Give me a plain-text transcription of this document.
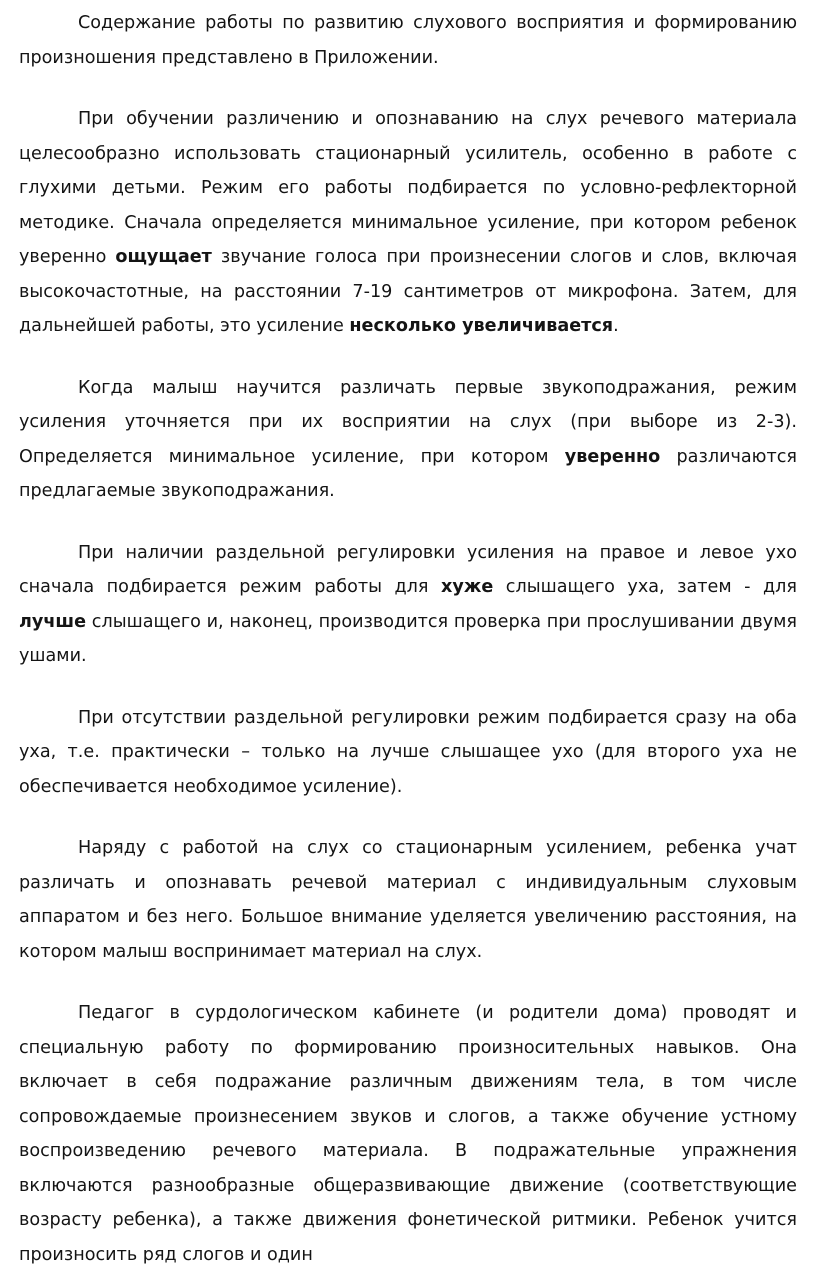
Содержание работы по развитию слухового восприятия и формированию произношения представлено в Приложении.

При обучении различению и опознаванию на слух речевого материала целесообразно использовать стационарный усилитель, особенно в работе с глухими детьми. Режим его работы подбирается по условно-рефлекторной методике. Сначала определяется минимальное усиление, при котором ребенок уверенно ощущает звучание голоса при произнесении слогов и слов, включая высокочастотные, на расстоянии 7-19 сантиметров от микрофона. Затем, для дальнейшей работы, это усиление несколько увеличивается.

Когда малыш научится различать первые звукоподражания, режим усиления уточняется при их восприятии на слух (при выборе из 2-3). Определяется минимальное усиление, при котором уверенно различаются предлагаемые звукоподражания.

При наличии раздельной регулировки усиления на правое и левое ухо сначала подбирается режим работы для хуже слышащего уха, затем - для лучше слышащего и, наконец, производится проверка при прослушивании двумя ушами.

При отсутствии раздельной регулировки режим подбирается сразу на оба уха, т.е. практически – только на лучше слышащее ухо (для второго уха не обеспечивается необходимое усиление).

Наряду с работой на слух со стационарным усилением, ребенка учат различать и опознавать речевой материал с индивидуальным слуховым аппаратом и без него. Большое внимание уделяется увеличению расстояния, на котором малыш воспринимает материал на слух.

Педагог в сурдологическом кабинете (и родители дома) проводят и специальную работу по формированию произносительных навыков. Она включает в себя подражание различным движениям тела, в том числе сопровождаемые произнесением звуков и слогов, а также обучение устному воспроизведению речевого материала. В подражательные упражнения включаются разнообразные общеразвивающие движение (соответствующие возрасту ребенка), а также движения фонетической ритмики. Ребенок учится произносить ряд слогов и один
